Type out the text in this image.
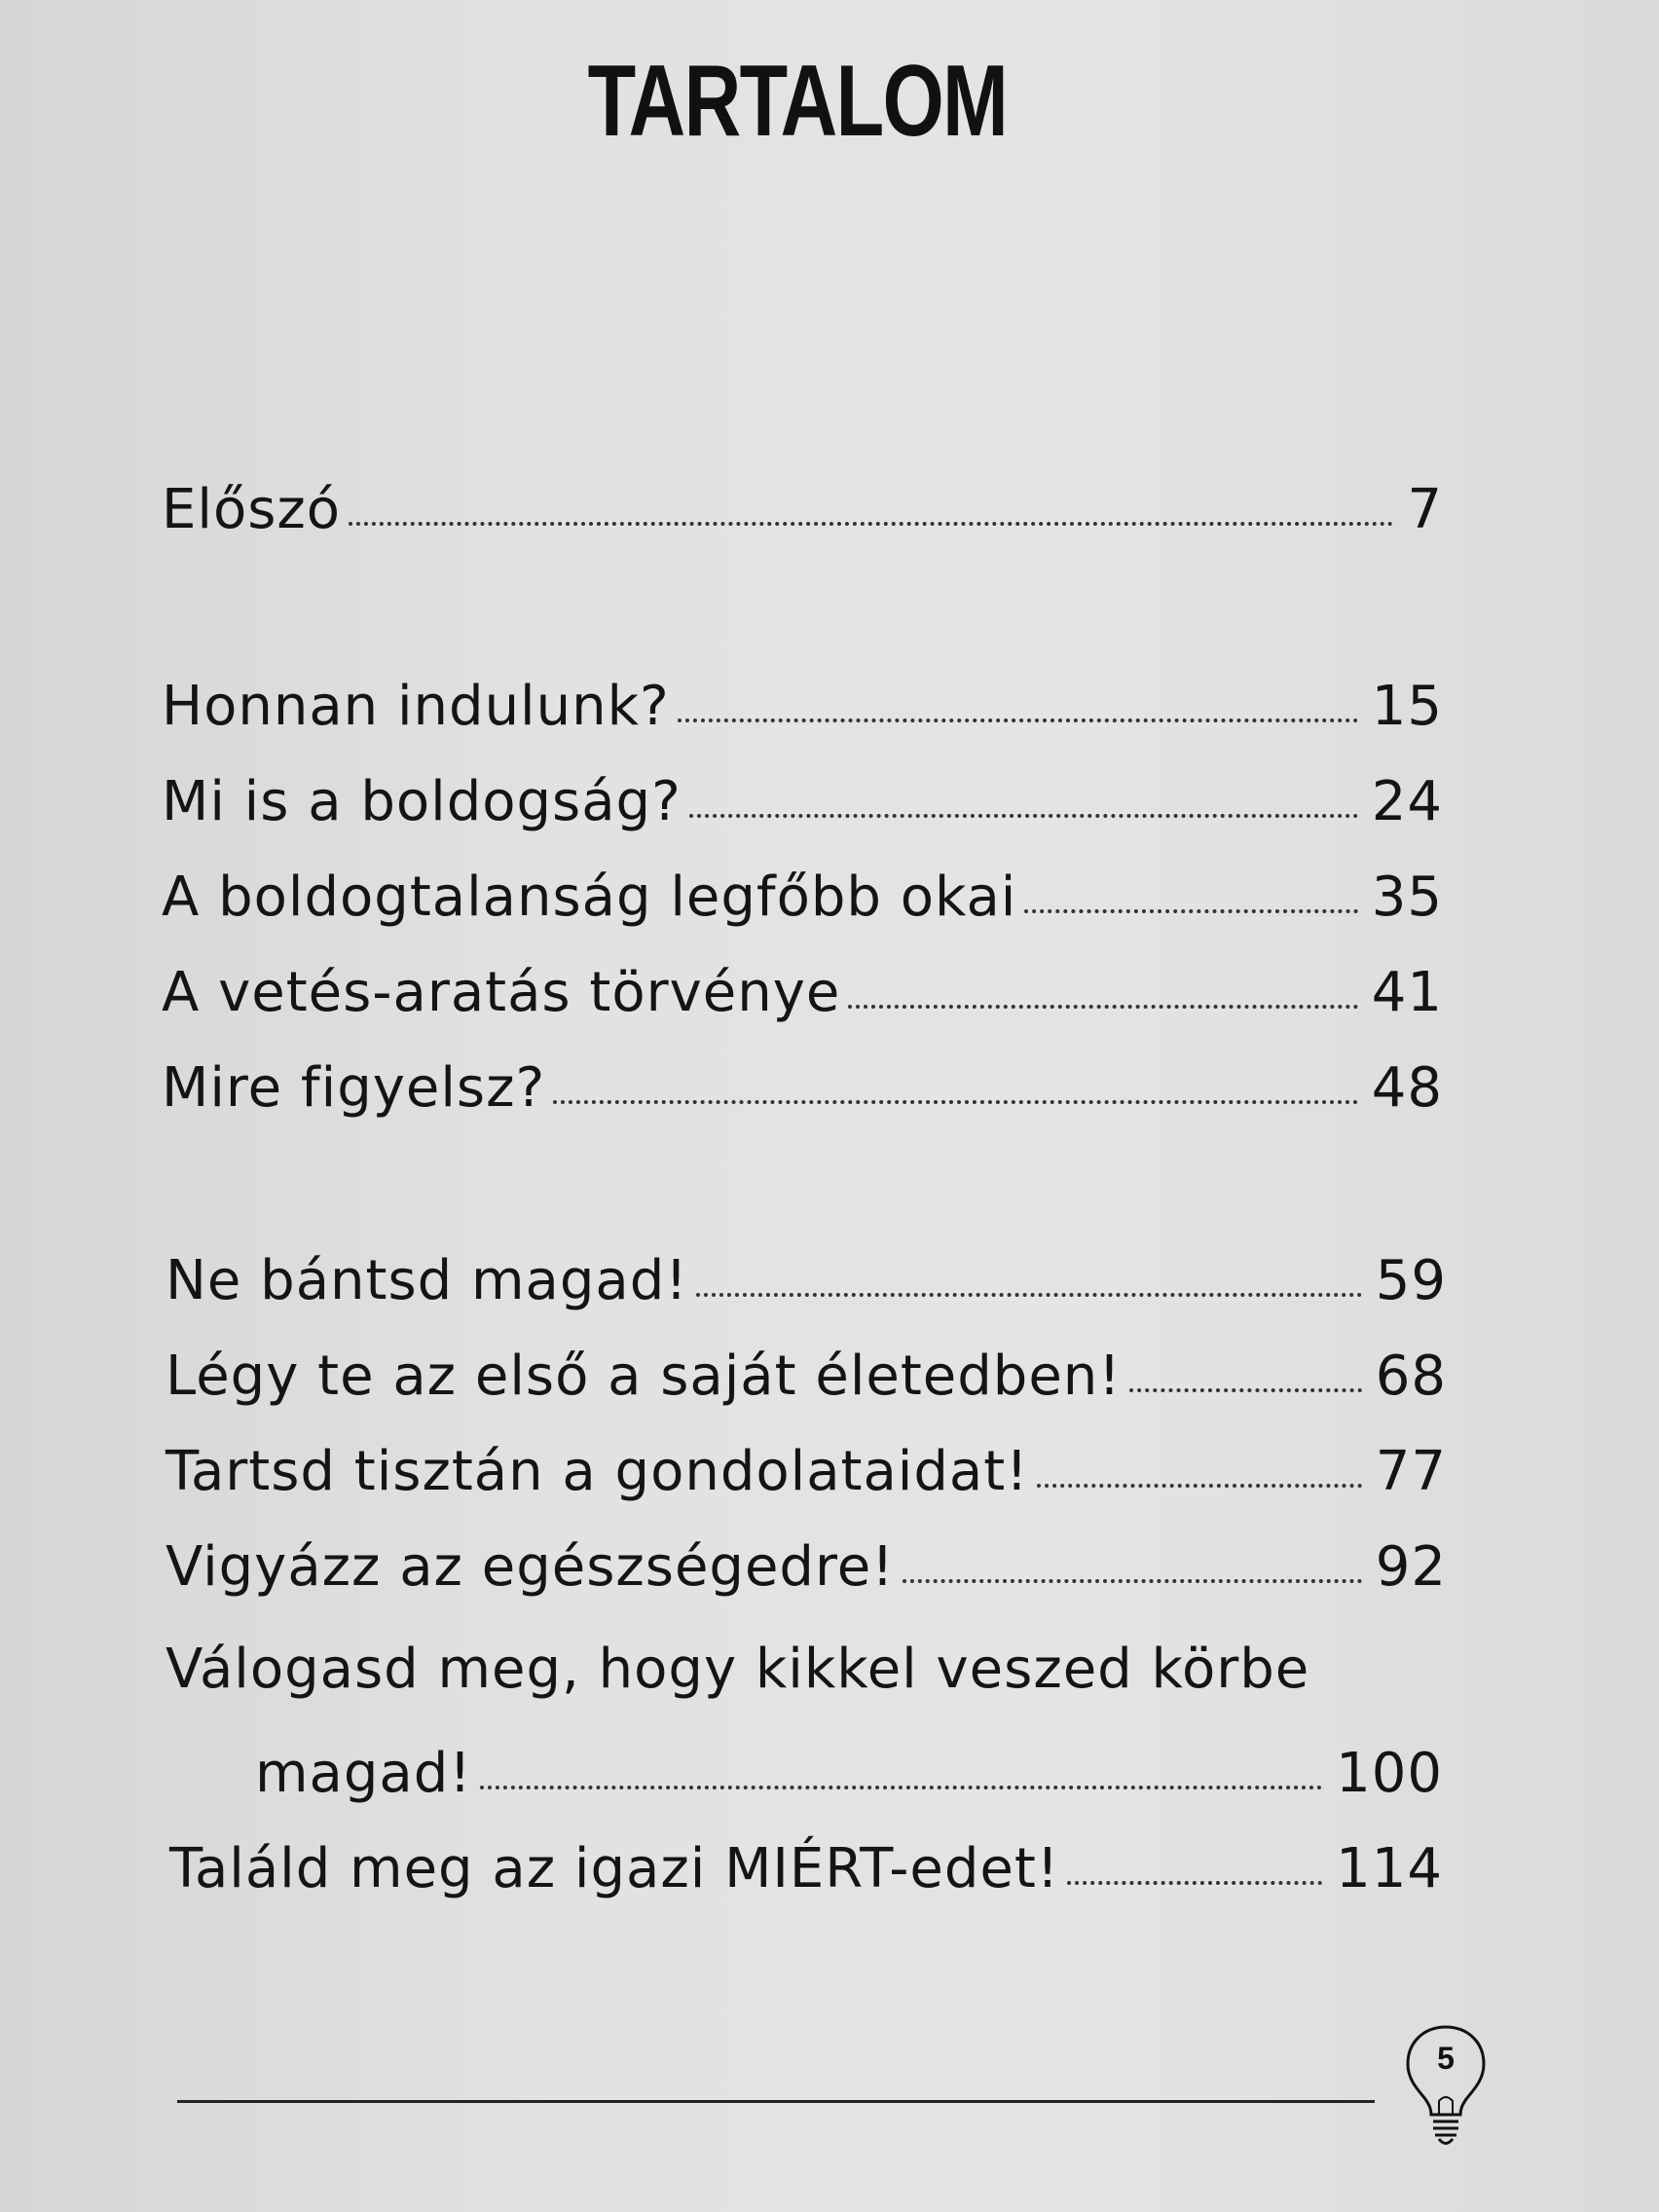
TARTALOM
Előszó	7
Honnan indulunk?	15
Mi is a boldogság?	24
A boldogtalanság legfőbb okai	35
A vetés-aratás törvénye	41
Mire figyelsz?	48
Ne bántsd magad!	59
Légy te az első a saját életedben!	68
Tartsd tisztán a gondolataidat!	77
Vigyázz az egészségedre!	92
Válogasd meg, hogy kikkel veszed körbe
magad!	100
Találd meg az igazi MIÉRT-edet!	114
5
